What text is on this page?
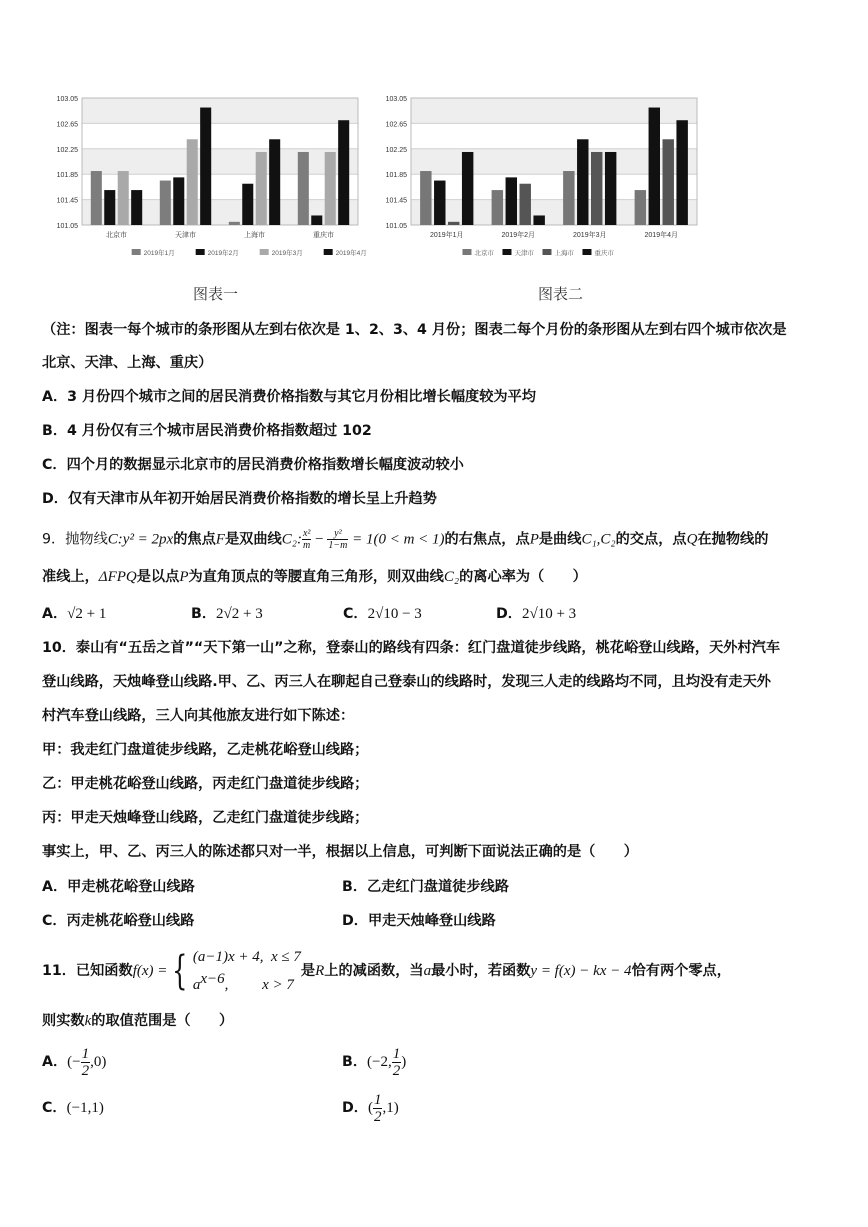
103.05
102.65
102.25
101.85
101.45
101.05
北京市	天津市	上海市	重庆市
2019年1月	2019年2月	2019年3月	2019年4月
103.05
102.65
102.25
101.85
101.45
101.05
2019年1月	2019年2月	2019年3月	2019年4月
北京市	天津市	上海市	重庆市
图表一	图表二
（注：图表一每个城市的条形图从左到右依次是 1、2、3、4 月份；图表二每个月份的条形图从左到右四个城市依次是
北京、天津、上海、重庆）
A．3 月份四个城市之间的居民消费价格指数与其它月份相比增长幅度较为平均
B．4 月份仅有三个城市居民消费价格指数超过 102
C．四个月的数据显示北京市的居民消费价格指数增长幅度波动较小
D．仅有天津市从年初开始居民消费价格指数的增长呈上升趋势
9．抛物线C:y² = 2px的焦点F是双曲线C₂: $\frac{\text{x²}}{m} - \frac{\text{y²}}{1-m} = 1(0 < m < 1)$的右焦点，点P是曲线C₁,C₂的交点，点Q在抛物线的
准线上，ΔFPQ是以点P为直角顶点的等腰直角三角形，则双曲线C₂的离心率为（　　）
A．√2 + 1	B．2√2 + 3	C．2√10 − 3	D．2√10 + 3
10．泰山有“五岳之首”“天下第一山”之称，登泰山的路线有四条：红门盘道徒步线路，桃花峪登山线路，天外村汽车
登山线路，天烛峰登山线路.甲、乙、丙三人在聊起自己登泰山的线路时，发现三人走的线路均不同，且均没有走天外
村汽车登山线路，三人向其他旅友进行如下陈述：
甲：我走红门盘道徒步线路，乙走桃花峪登山线路；
乙：甲走桃花峪登山线路，丙走红门盘道徒步线路；
丙：甲走天烛峰登山线路，乙走红门盘道徒步线路；
事实上，甲、乙、丙三人的陈述都只对一半，根据以上信息，可判断下面说法正确的是（　　）
A．甲走桃花峪登山线路	B．乙走红门盘道徒步线路
C．丙走桃花峪登山线路	D．甲走天烛峰登山线路
11．已知函数f(x) = { (a−1)x + 4, x ≤ 7
$a^{x-6}$, x > 7
是R上的减函数，当a最小时，若函数y = f(x) − kx − 4恰有两个零点，
则实数k的取值范围是（　　）
A．(− $\frac{1}{2} ,0$)	B．(−2, $\frac{1}{2}$ )
C．(−1,1)	D．( $\frac{1}{2} ,1$)
